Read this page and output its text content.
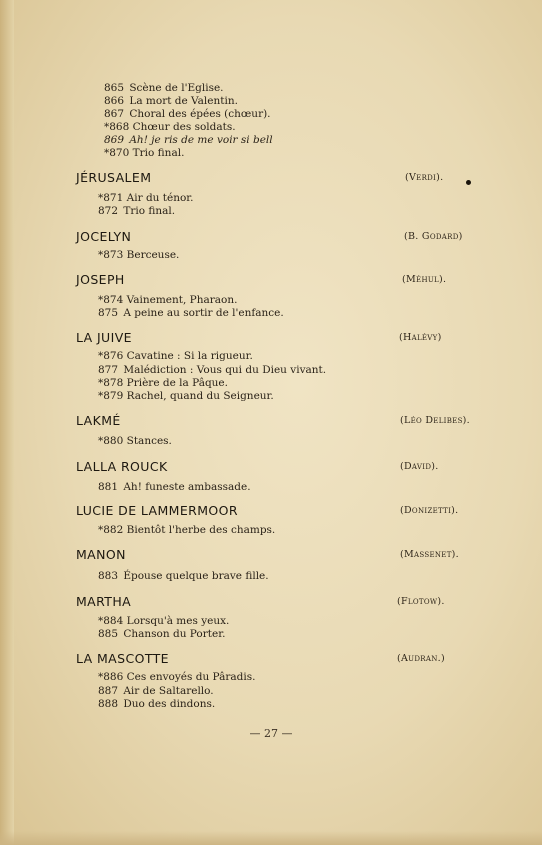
865 Scène de l'Eglise.
866 La mort de Valentin.
867 Choral des épées (chœur).
*868 Chœur des soldats.
869 Ah! je ris de me voir si bell
*870 Trio final.
JÉRUSALEM	(Verdi).
*871 Air du ténor.
872 Trio final.
JOCELYN	(B. Godard)
*873 Berceuse.
JOSEPH	(Méhul).
*874 Vainement, Pharaon.
875 A peine au sortir de l'enfance.
LA JUIVE	(Halévy)
*876 Cavatine : Si la rigueur.
877 Malédiction : Vous qui du Dieu vivant.
*878 Prière de la Pâque.
*879 Rachel, quand du Seigneur.
LAKMÉ	(Léo Delibes).
*880 Stances.
LALLA ROUCK	(David).
881 Ah! funeste ambassade.
LUCIE DE LAMMERMOOR	(Donizetti).
*882 Bientôt l'herbe des champs.
MANON	(Massenet).
883 Épouse quelque brave fille.
MARTHA	(Flotow).
*884 Lorsqu'à mes yeux.
885 Chanson du Porter.
LA MASCOTTE	(Audran.)
*886 Ces envoyés du Pâradis.
887 Air de Saltarello.
888 Duo des dindons.
— 27 —
